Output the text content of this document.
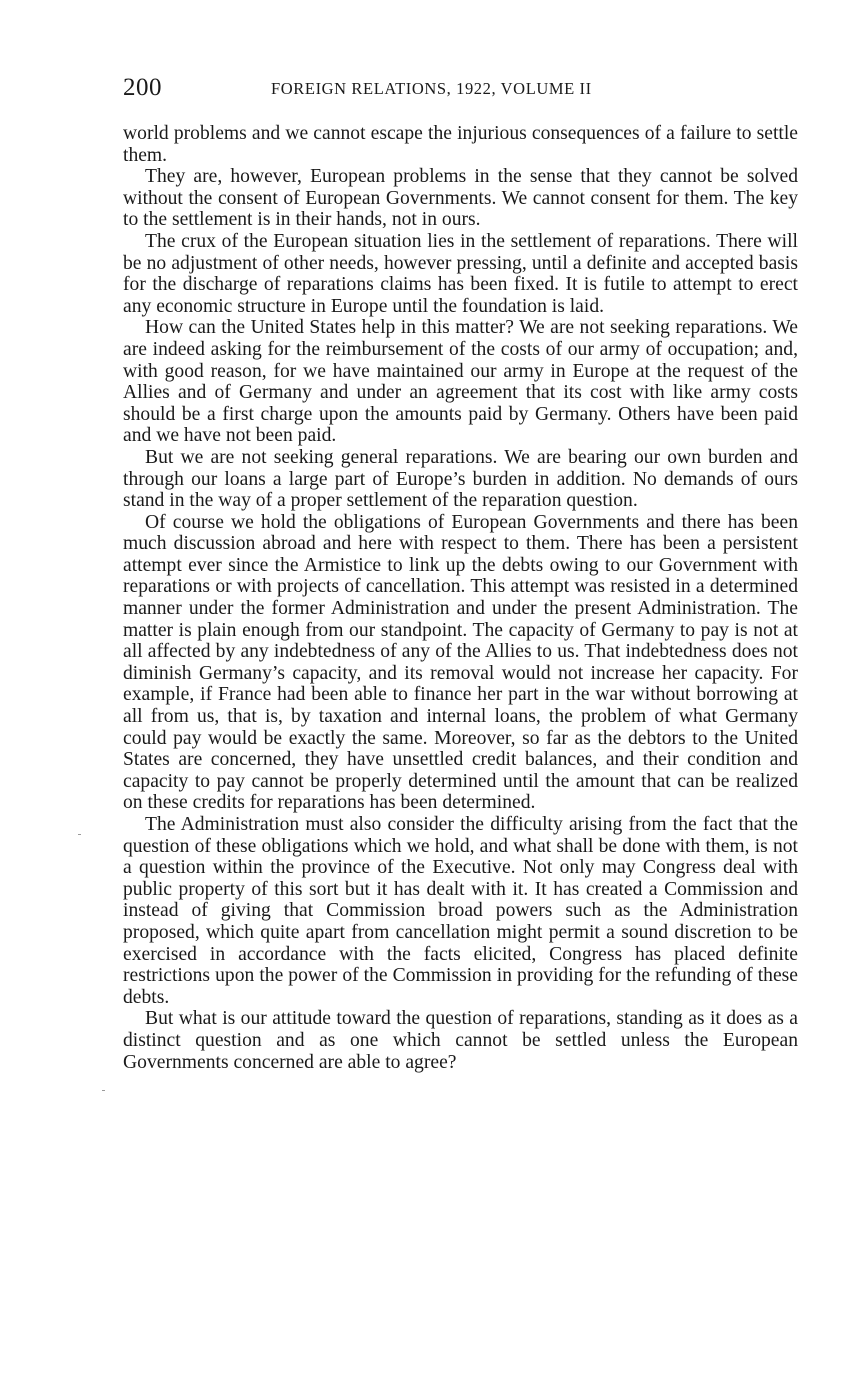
200	FOREIGN RELATIONS, 1922, VOLUME II

world problems and we cannot escape the injurious consequences of a failure to settle them.

They are, however, European problems in the sense that they cannot be solved without the consent of European Governments. We cannot consent for them. The key to the settlement is in their hands, not in ours.

The crux of the European situation lies in the settlement of reparations. There will be no adjustment of other needs, however pressing, until a definite and accepted basis for the discharge of reparations claims has been fixed. It is futile to attempt to erect any economic structure in Europe until the foundation is laid.

How can the United States help in this matter? We are not seeking reparations. We are indeed asking for the reimbursement of the costs of our army of occupation; and, with good reason, for we have maintained our army in Europe at the request of the Allies and of Germany and under an agreement that its cost with like army costs should be a first charge upon the amounts paid by Germany. Others have been paid and we have not been paid.

But we are not seeking general reparations. We are bearing our own burden and through our loans a large part of Europe’s burden in addition. No demands of ours stand in the way of a proper settlement of the reparation question.

Of course we hold the obligations of European Governments and there has been much discussion abroad and here with respect to them. There has been a persistent attempt ever since the Armistice to link up the debts owing to our Government with reparations or with projects of cancellation. This attempt was resisted in a determined manner under the former Administration and under the present Administration. The matter is plain enough from our standpoint. The capacity of Germany to pay is not at all affected by any indebtedness of any of the Allies to us. That indebtedness does not diminish Germany’s capacity, and its removal would not increase her capacity. For example, if France had been able to finance her part in the war without borrowing at all from us, that is, by taxation and internal loans, the problem of what Germany could pay would be exactly the same. Moreover, so far as the debtors to the United States are concerned, they have unsettled credit balances, and their condition and capacity to pay cannot be properly determined until the amount that can be realized on these credits for reparations has been determined.

The Administration must also consider the difficulty arising from the fact that the question of these obligations which we hold, and what shall be done with them, is not a question within the province of the Executive. Not only may Congress deal with public property of this sort but it has dealt with it. It has created a Commission and instead of giving that Commission broad powers such as the Administration proposed, which quite apart from cancellation might permit a sound discretion to be exercised in accordance with the facts elicited, Congress has placed definite restrictions upon the power of the Commission in providing for the refunding of these debts.

But what is our attitude toward the question of reparations, standing as it does as a distinct question and as one which cannot be settled unless the European Governments concerned are able to agree?
